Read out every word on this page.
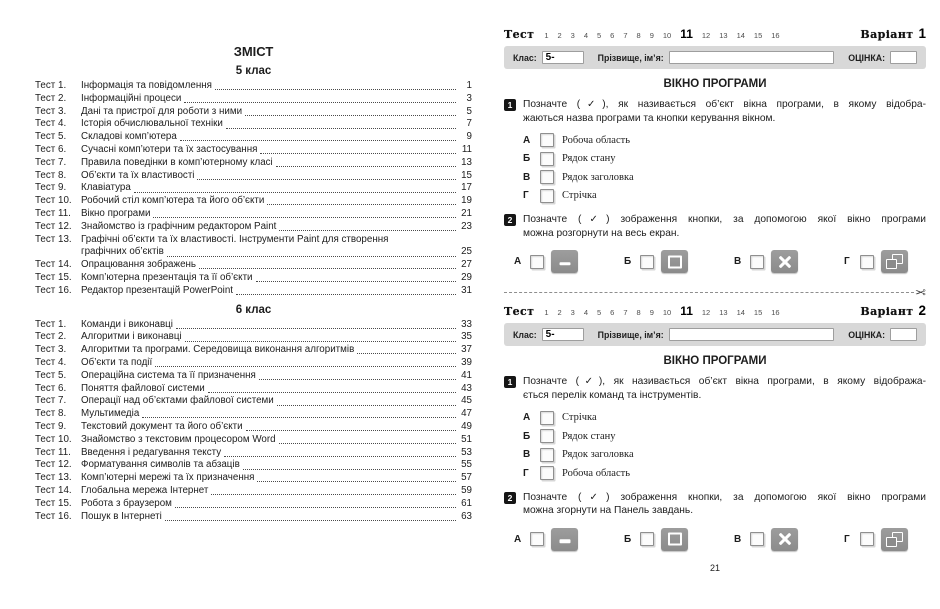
ЗМІСТ
5 клас
Тест 1.	Інформація та повідомлення	1
Тест 2.	Інформаційні процеси	3
Тест 3.	Дані та пристрої для роботи з ними	5
Тест 4.	Історія обчислювальної техніки	7
Тест 5.	Складові комп’ютера	9
Тест 6.	Сучасні комп’ютери та їх застосування	11
Тест 7.	Правила поведінки в комп’ютерному класі	13
Тест 8.	Об’єкти та їх властивості	15
Тест 9.	Клавіатура	17
Тест 10. Робочий стіл комп’ютера та його об’єкти	19
Тест 11.	Вікно програми	21
Тест 12. Знайомство із графічним редактором Paint	23
Тест 13. Графічні об’єкти та їх властивості. Інструменти Paint для створення
графічних об’єктів	25
Тест 14. Опрацювання зображень	27
Тест 15. Комп’ютерна презентація та її об’єкти	29
Тест 16. Редактор презентацій PowerPoint	31
6 клас
Тест 1.	Команди і виконавці	33
Тест 2.	Алгоритми і виконавці	35
Тест 3.	Алгоритми та програми. Середовища виконання алгоритмів	37
Тест 4.	Об’єкти та події	39
Тест 5.	Операційна система та її призначення	41
Тест 6.	Поняття файлової системи	43
Тест 7.	Операції над об’єктами файлової системи	45
Тест 8.	Мультимедіа	47
Тест 9.	Текстовий документ та його об’єкти	49
Тест 10. Знайомство з текстовим процесором Word	51
Тест 11.	Введення і редагування тексту	53
Тест 12. Форматування символів та абзаців	55
Тест 13. Комп’ютерні мережі та їх призначення	57
Тест 14. Глобальна мережа Інтернет	59
Тест 15. Робота з браузером	61
Тест 16. Пошук в Інтернеті	63
Тест 1 2 3 4 5 6 7 8 9 10 11 12 13 14 15 16	Варіант 1
Клас:
5-	Прізвище, ім’я:	ОЦІНКА:
ВІКНО ПРОГРАМИ
1	Позначте (✓), як називається об’єкт вікна програми, в якому відобра-
жаються назва програми та кнопки керування вікном.
А	Робоча область
Б	Рядок стану
В	Рядок заголовка
Г	Стрічка
2	Позначте (✓) зображення кнопки, за допомогою якої вікно програми
можна розгорнути на весь екран.
А	Б	В	Г
✂
Тест 1 2 3 4 5 6 7 8 9 10 11 12 13 14 15 16	Варіант 2
Клас:
5-	Прізвище, ім’я:	ОЦІНКА:
ВІКНО ПРОГРАМИ
1	Позначте (✓), як називається об’єкт вікна програми, в якому відобража-
ється перелік команд та інструментів.
А	Стрічка
Б	Рядок стану
В	Рядок заголовка
Г	Робоча область
2	Позначте (✓) зображення кнопки, за допомогою якої вікно програми
можна згорнути на Панель завдань.
А	Б	В	Г
21
